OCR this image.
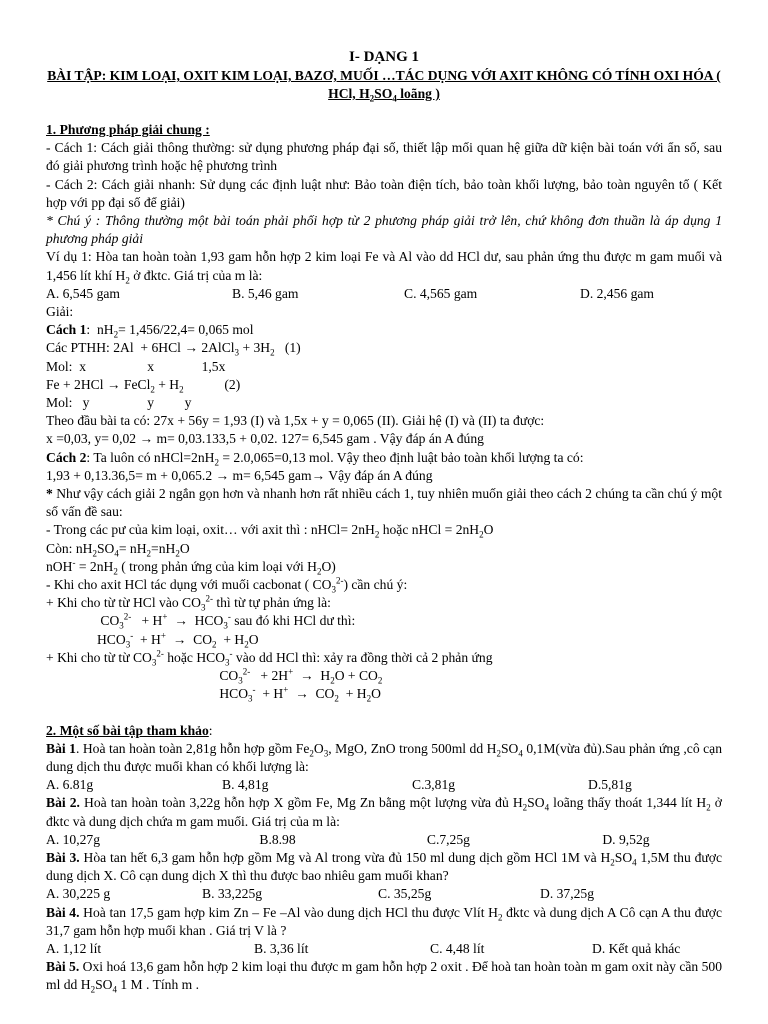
I- DẠNG 1
BÀI TẬP: KIM LOẠI, OXIT KIM LOẠI, BAZƠ, MUỐI …TÁC DỤNG VỚI AXIT KHÔNG CÓ TÍNH OXI HÓA ( HCl, $H_2SO_4$ loãng )
1. Phương pháp giải chung :
- Cách 1: Cách giải thông thường: sử dụng phương pháp đại số, thiết lập mối quan hệ giữa dữ kiện bài toán với ẩn số, sau đó giải phương trình hoặc hệ phương trình
- Cách 2: Cách giải nhanh: Sử dụng các định luật như: Bảo toàn điện tích, bảo toàn khối lượng, bảo toàn nguyên tố ( Kết hợp với pp đại số để giải)
* Chú ý : Thông thường một bài toán phải phối hợp từ 2 phương pháp giải trở lên, chứ không đơn thuần là áp dụng 1 phương pháp giải
Ví dụ 1: Hòa tan hoàn toàn 1,93 gam hỗn hợp 2 kim loại Fe và Al vào dd HCl dư, sau phản ứng thu được m gam muối và 1,456 lít khí $H_2$ ở đktc. Giá trị của m là:
A. 6,545 gam	B. 5,46 gam	C. 4,565 gam	D. 2,456 gam
Giải:
Cách 1:  $nH_2= 1,456/22,4= 0,065$ mol
Các PTHH: 2Al  + 6HCl → 2AlCl$_3$ + $3H_2$   (1)
Mol:  x                  x              1,5x
Fe + 2HCl → FeCl$_2$ + $H_2$            (2)
Mol:   y                 y         y
Theo đầu bài ta có: 27x + 56y = 1,93 (I) và 1,5x + y = 0,065 (II). Giải hệ (I) và (II) ta được:
x =0,03, y= 0,02 → m= 0,03.133,5 + 0,02. 127= 6,545 gam . Vậy đáp án A đúng
Cách 2: Ta luôn có $nHCl=2nH_2 = 2.0,065=0,13$ mol. Vậy theo định luật bảo toàn khối lượng ta có:
1,93 + 0,13.36,5= m + 0,065.2 → m= 6,545 gam→ Vậy đáp án A đúng
* Như vậy cách giải 2 ngắn gọn hơn và nhanh hơn rất nhiều cách 1, tuy nhiên muốn giải theo cách 2 chúng ta cần chú ý một số vấn đề sau:
- Trong các pư của kim loại, oxit… với axit thì : nHCl= $2nH_2$ hoặc nHCl = $2nH_2O$
Còn: $nH_2SO_4= nH_2=nH_2O$
$nOH^- = 2nH_2$ ( trong phản ứng của kim loại với $H_2O$)
- Khi cho axit HCl tác dụng với muối cacbonat ( $CO_3^{2-}$) cần chú ý:
+ Khi cho từ từ HCl vào $CO_3^{2-}$ thì từ tự phản ứng là:
$CO_3^{2-} + H^+ \to HCO_3^-$ sau đó khi HCl dư thì:
$HCO_3^- + H^+ \to CO_2 + H_2O$
+ Khi cho từ từ $CO_3^{2-}$ hoặc $HCO_3^-$ vào dd HCl thì: xảy ra đồng thời cả 2 phản ứng
$CO_3^{2-} + 2H^+ \to H_2O + CO_2$
$HCO_3^- + H^+ \to CO_2 + H_2O$
2. Một số bài tập tham khảo:
Bài 1. Hoà tan hoàn toàn 2,81g hỗn hợp gồm $Fe_2O_3$, MgO, ZnO trong 500ml dd $H_2SO_4$ 0,1M(vừa đủ).Sau phản ứng ,cô cạn dung dịch thu được muối khan có khối lượng là:
A. 6.81g	B. 4,81g	C.3,81g	D.5,81g
Bài 2. Hoà tan hoàn toàn 3,22g hỗn hợp X gồm Fe, Mg Zn bằng một lượng vừa đủ $H_2SO_4$ loãng thấy thoát 1,344 lít $H_2$ ở đktc và dung dịch chứa m gam muối. Giá trị của m là:
A. 10,27g	B.8.98	C.7,25g	D. 9,52g
Bài 3. Hòa tan hết 6,3 gam hỗn hợp gồm Mg và Al trong vừa đủ 150 ml dung dịch gồm HCl 1M và $H_2SO_4$ 1,5M thu được dung dịch X. Cô cạn dung dịch X thì thu được bao nhiêu gam muối khan?
A. 30,225 g	B. 33,225g	C. 35,25g	D. 37,25g
Bài 4. Hoà tan 17,5 gam hợp kim Zn – Fe –Al vào dung dịch HCl thu được Vlít $H_2$ đktc và dung dịch A Cô cạn A thu được 31,7 gam hỗn hợp muối khan . Giá trị V là ?
A. 1,12 lít	B. 3,36 lít	C. 4,48 lít	D. Kết quả khác
Bài 5. Oxi hoá 13,6 gam hỗn hợp 2 kim loại thu được m gam hỗn hợp 2 oxit . Để hoà tan hoàn toàn m gam oxit này cần 500 ml dd $H_2SO_4$ 1 M . Tính m .
